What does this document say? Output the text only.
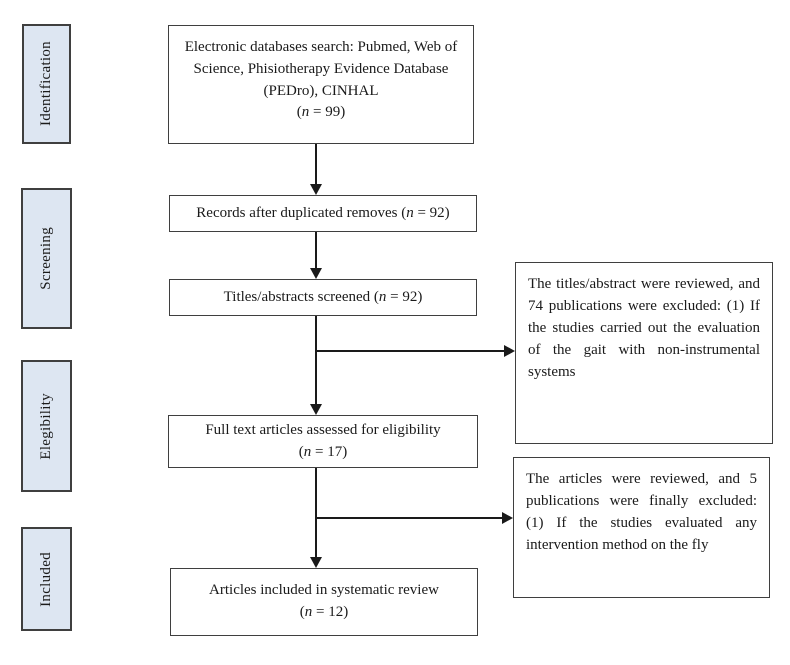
Identification
Screening
Elegibility
Included
Electronic databases search: Pubmed, Web of Science, Phisiotherapy Evidence Database (PEDro), CINHAL
(n = 99)
Records after duplicated removes (n = 92)
Titles/abstracts screened (n = 92)
Full text articles assessed for eligibility
(n = 17)
Articles included in systematic review
(n = 12)
The titles/abstract were reviewed, and 74 publications were excluded: (1) If the studies carried out the evaluation of the gait with non-instrumental systems
The articles were reviewed, and 5 publications were finally excluded: (1) If the studies evaluated any intervention method on the fly
